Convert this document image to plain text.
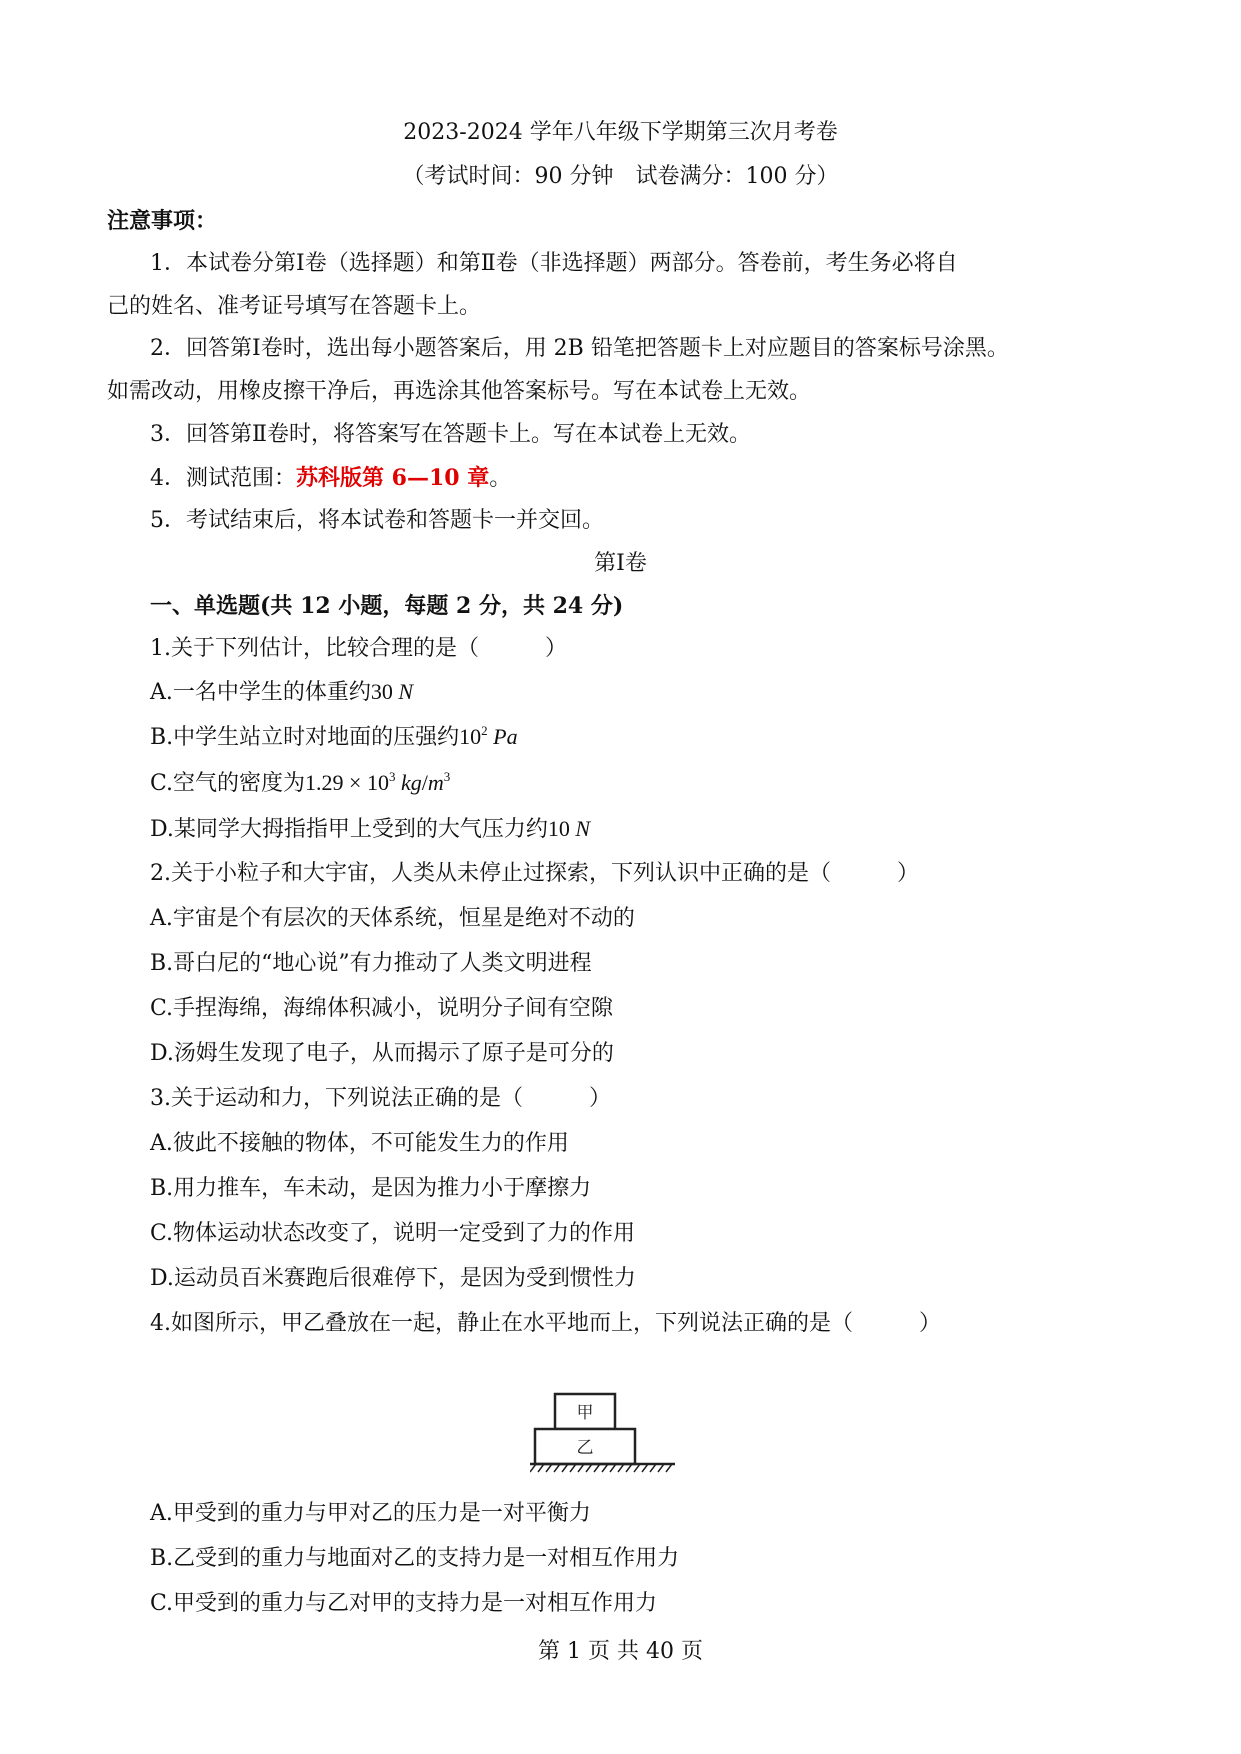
2023-2024 学年八年级下学期第三次月考卷
（考试时间：90 分钟　试卷满分：100 分）
注意事项：
1．本试卷分第Ⅰ卷（选择题）和第Ⅱ卷（非选择题）两部分。答卷前，考生务必将自
己的姓名、准考证号填写在答题卡上。
2．回答第Ⅰ卷时，选出每小题答案后，用 2B 铅笔把答题卡上对应题目的答案标号涂黑。
如需改动，用橡皮擦干净后，再选涂其他答案标号。写在本试卷上无效。
3．回答第Ⅱ卷时，将答案写在答题卡上。写在本试卷上无效。
4．测试范围：苏科版第 6—10 章。
5．考试结束后，将本试卷和答题卡一并交回。
第Ⅰ卷
一、单选题(共 12 小题，每题 2 分，共 24 分)
1.关于下列估计，比较合理的是（　　　）
A.一名中学生的体重约30 N
B.中学生站立时对地面的压强约$10^2$ Pa
C.空气的密度为$1.29 \times 10^3$ $kg/m^3$
D.某同学大拇指指甲上受到的大气压力约10 N
2.关于小粒子和大宇宙，人类从未停止过探索，下列认识中正确的是（　　　）
A.宇宙是个有层次的天体系统，恒星是绝对不动的
B.哥白尼的“地心说”有力推动了人类文明进程
C.手捏海绵，海绵体积减小，说明分子间有空隙
D.汤姆生发现了电子，从而揭示了原子是可分的
3.关于运动和力，下列说法正确的是（　　　）
A.彼此不接触的物体，不可能发生力的作用
B.用力推车，车未动，是因为推力小于摩擦力
C.物体运动状态改变了，说明一定受到了力的作用
D.运动员百米赛跑后很难停下，是因为受到惯性力
4.如图所示，甲乙叠放在一起，静止在水平地而上，下列说法正确的是（　　　）
甲
乙
A.甲受到的重力与甲对乙的压力是一对平衡力
B.乙受到的重力与地面对乙的支持力是一对相互作用力
C.甲受到的重力与乙对甲的支持力是一对相互作用力
第 1 页 共 40 页
